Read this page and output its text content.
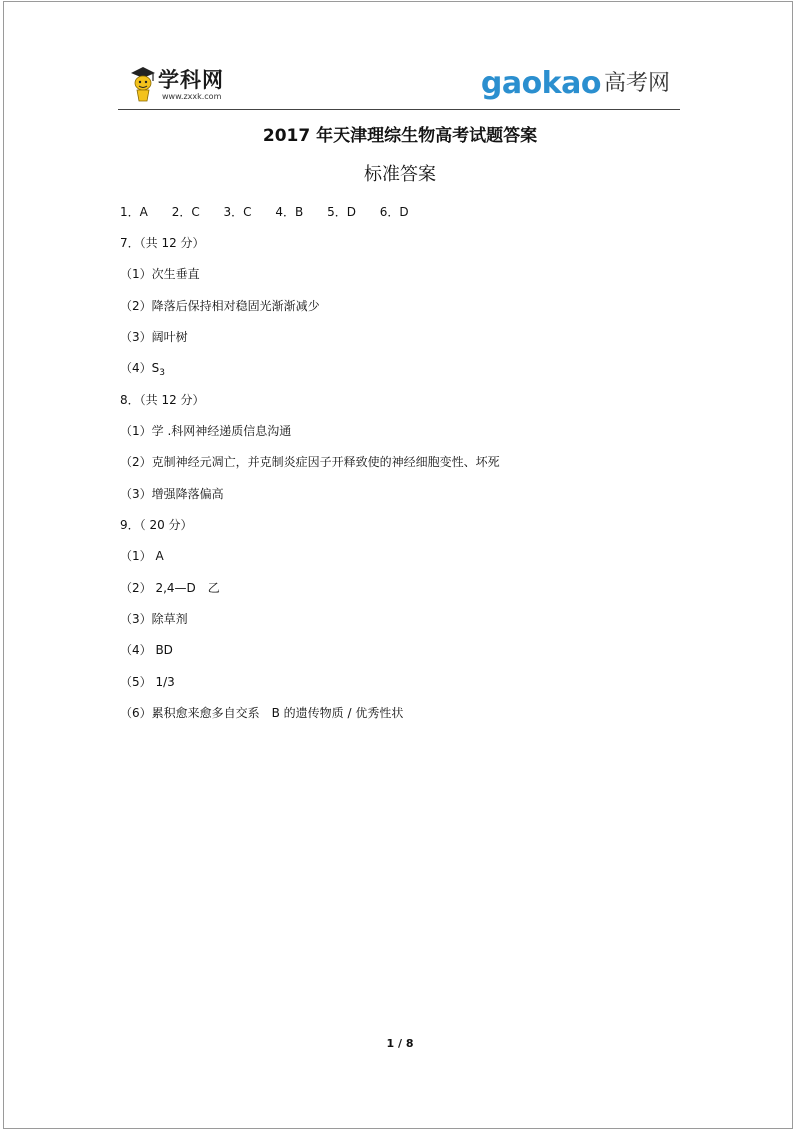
学科网
www.zxxk.com	gaokao 高考网
2017 年天津理综生物高考试题答案
标准答案
1．A 2．C 3．C 4．B 5．D 6．D
7．（共 12 分）
（1）次生垂直
（2）降落后保持相对稳固光渐渐减少
（3）阔叶树
$(4)S_3$
8．（共 12 分）
（1）学 .科网神经递质信息沟通
（2）克制神经元凋亡，并克制炎症因子开释致使的神经细胞变性、坏死
（3）增强降落偏高
9．（ 20 分）
（1） A
（2） 2,4—D　乙
（3）除草剂
（4） BD
（5） 1/3
（6）累积愈来愈多自交系　B 的遗传物质 / 优秀性状
1 / 8
